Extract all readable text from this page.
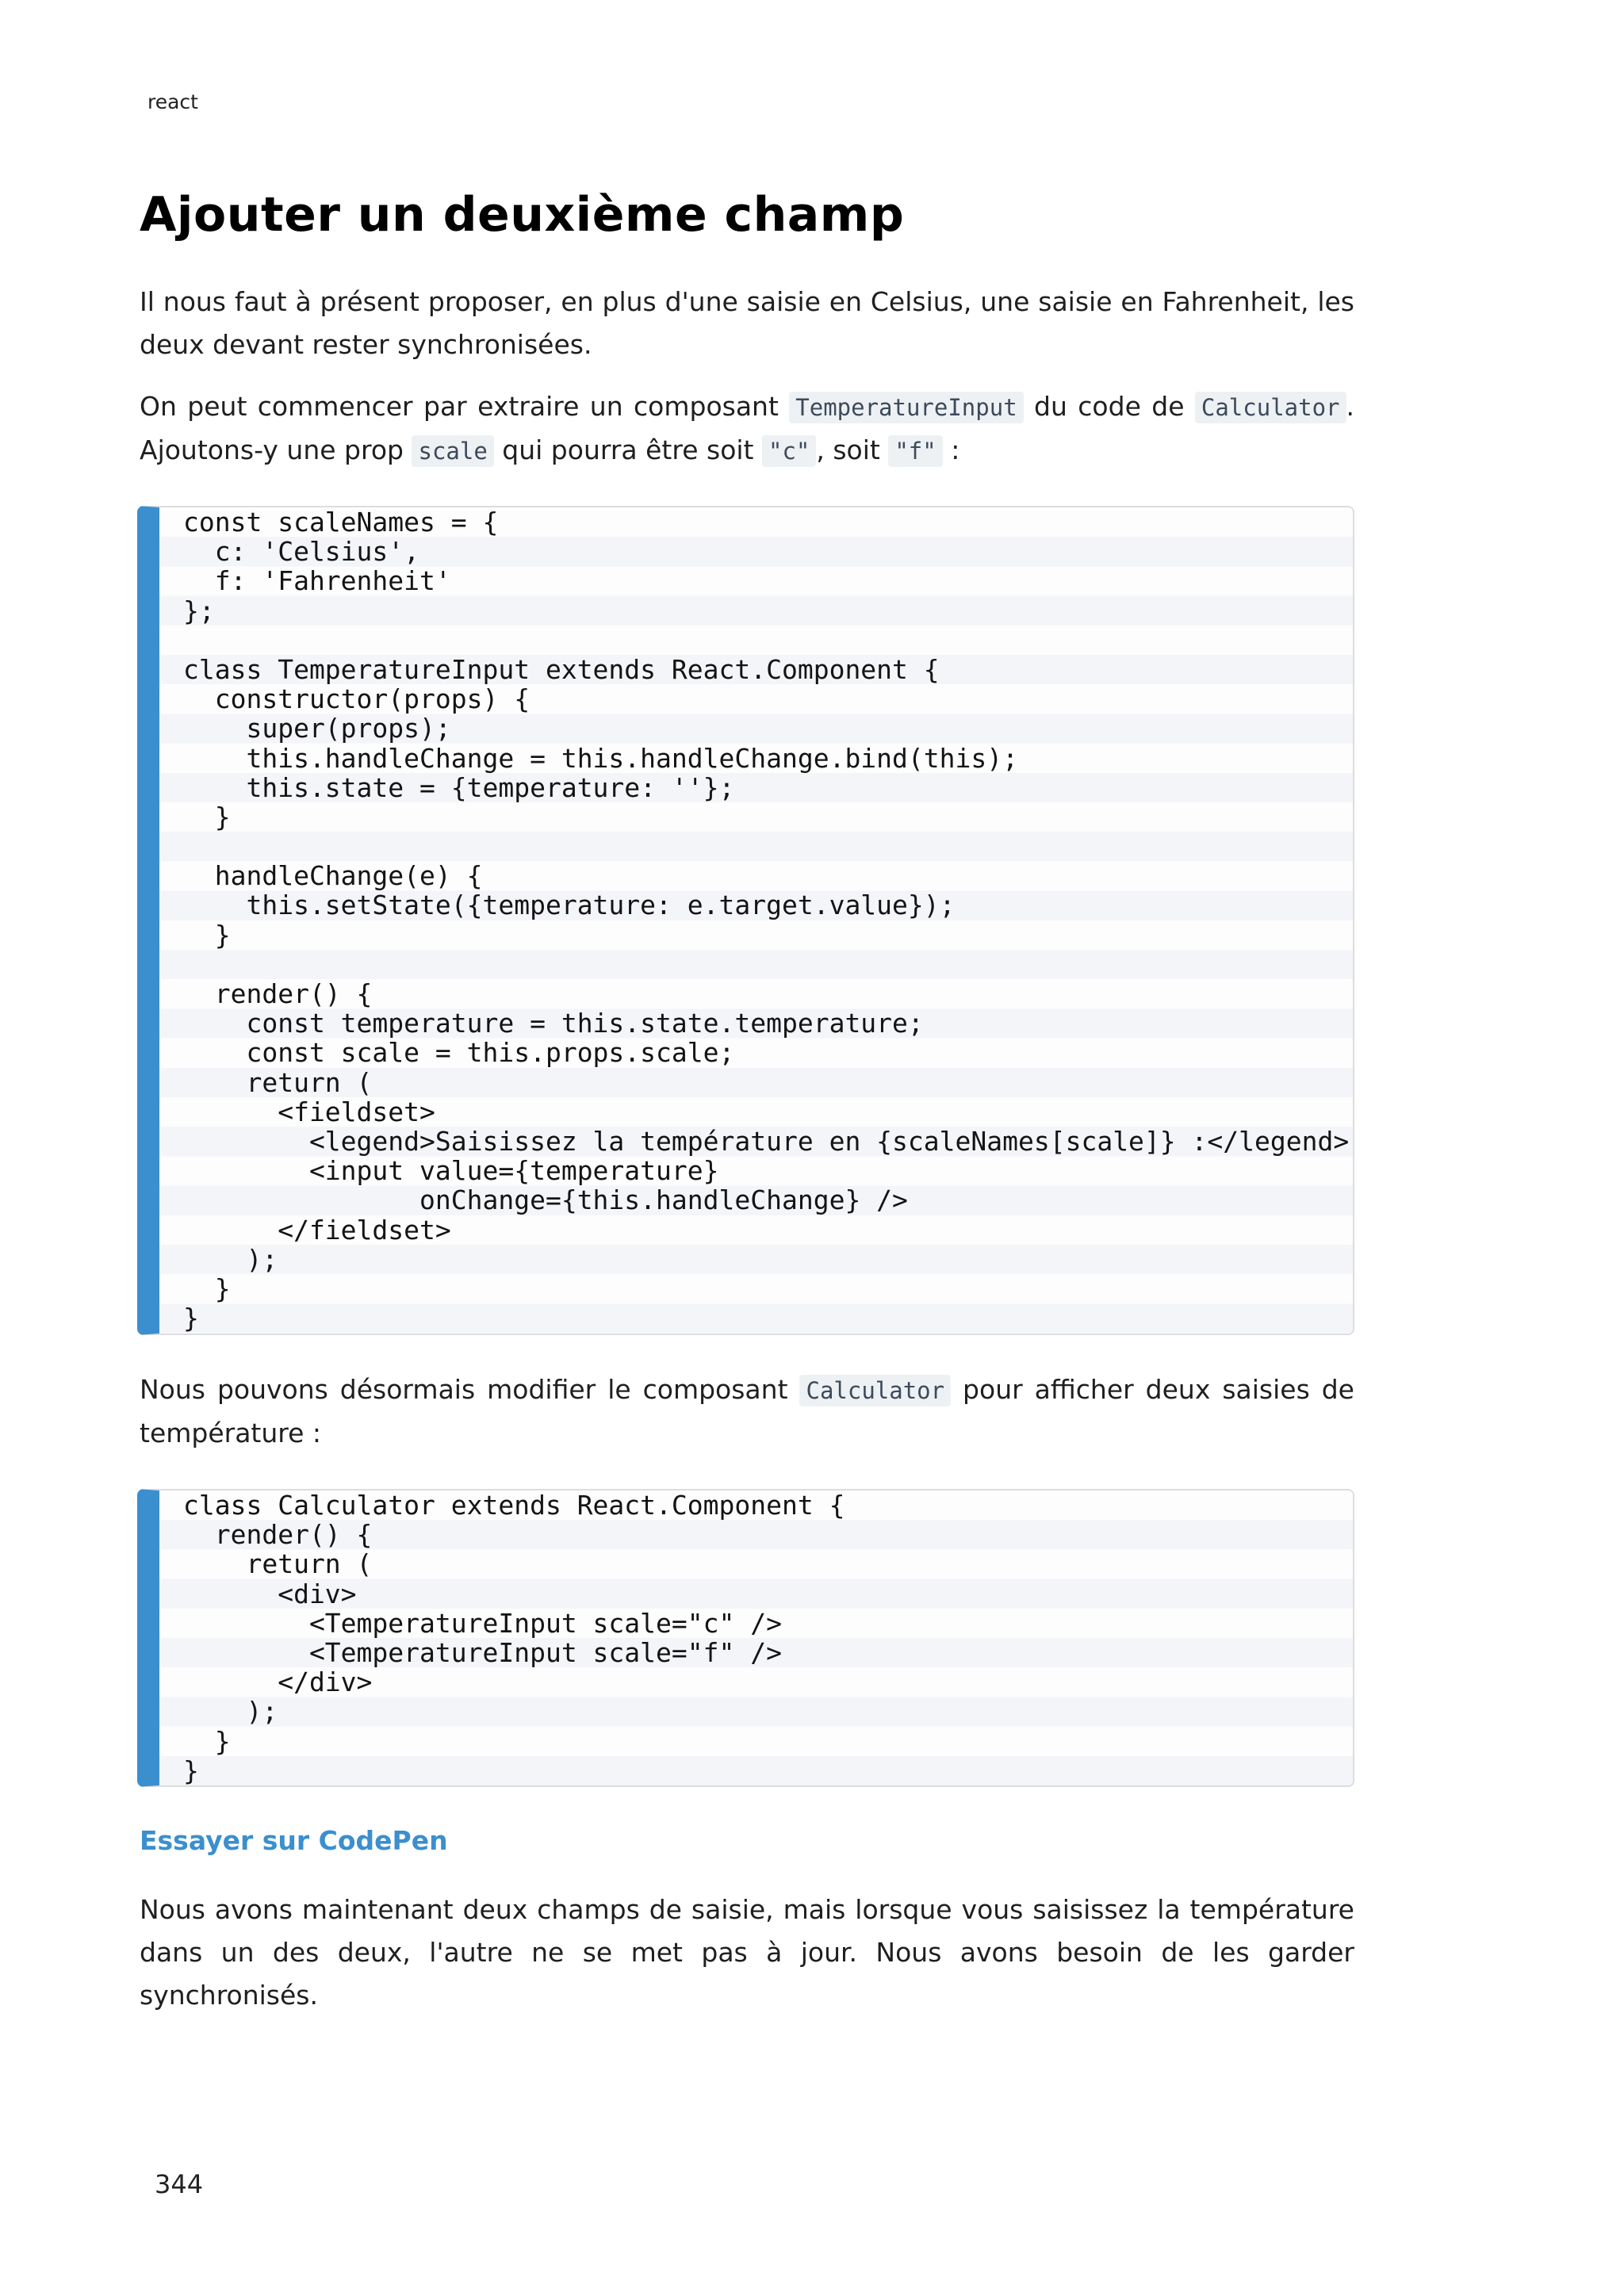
react
Ajouter un deuxième champ

Il nous faut à présent proposer, en plus d'une saisie en Celsius, une saisie en Fahrenheit, les deux devant rester synchronisées.

On peut commencer par extraire un composant TemperatureInput du code de Calculator . Ajoutons-y une prop scale qui pourra être soit "c" , soit "f" :

const scaleNames = {
c: 'Celsius',
f: 'Fahrenheit'
};
class TemperatureInput extends React.Component {
constructor(props) {
super(props);
this.handleChange = this.handleChange.bind(this);
this.state = {temperature: ''};
}
handleChange(e) {
this.setState({temperature: e.target.value});
}
render() {
const temperature = this.state.temperature;
const scale = this.props.scale;
return (
<fieldset>
<legend>Saisissez la température en {scaleNames[scale]} :</legend>
<input value={temperature}
onChange={this.handleChange} />
</fieldset>
);
}
}

Nous pouvons désormais modifier le composant Calculator pour afficher deux saisies de température :

class Calculator extends React.Component {
render() {
return (
<div>
<TemperatureInput scale="c" />
<TemperatureInput scale="f" />
</div>
);
}
}
Essayer sur CodePen

Nous avons maintenant deux champs de saisie, mais lorsque vous saisissez la température dans un des deux, l'autre ne se met pas à jour. Nous avons besoin de les garder synchronisés.

344
